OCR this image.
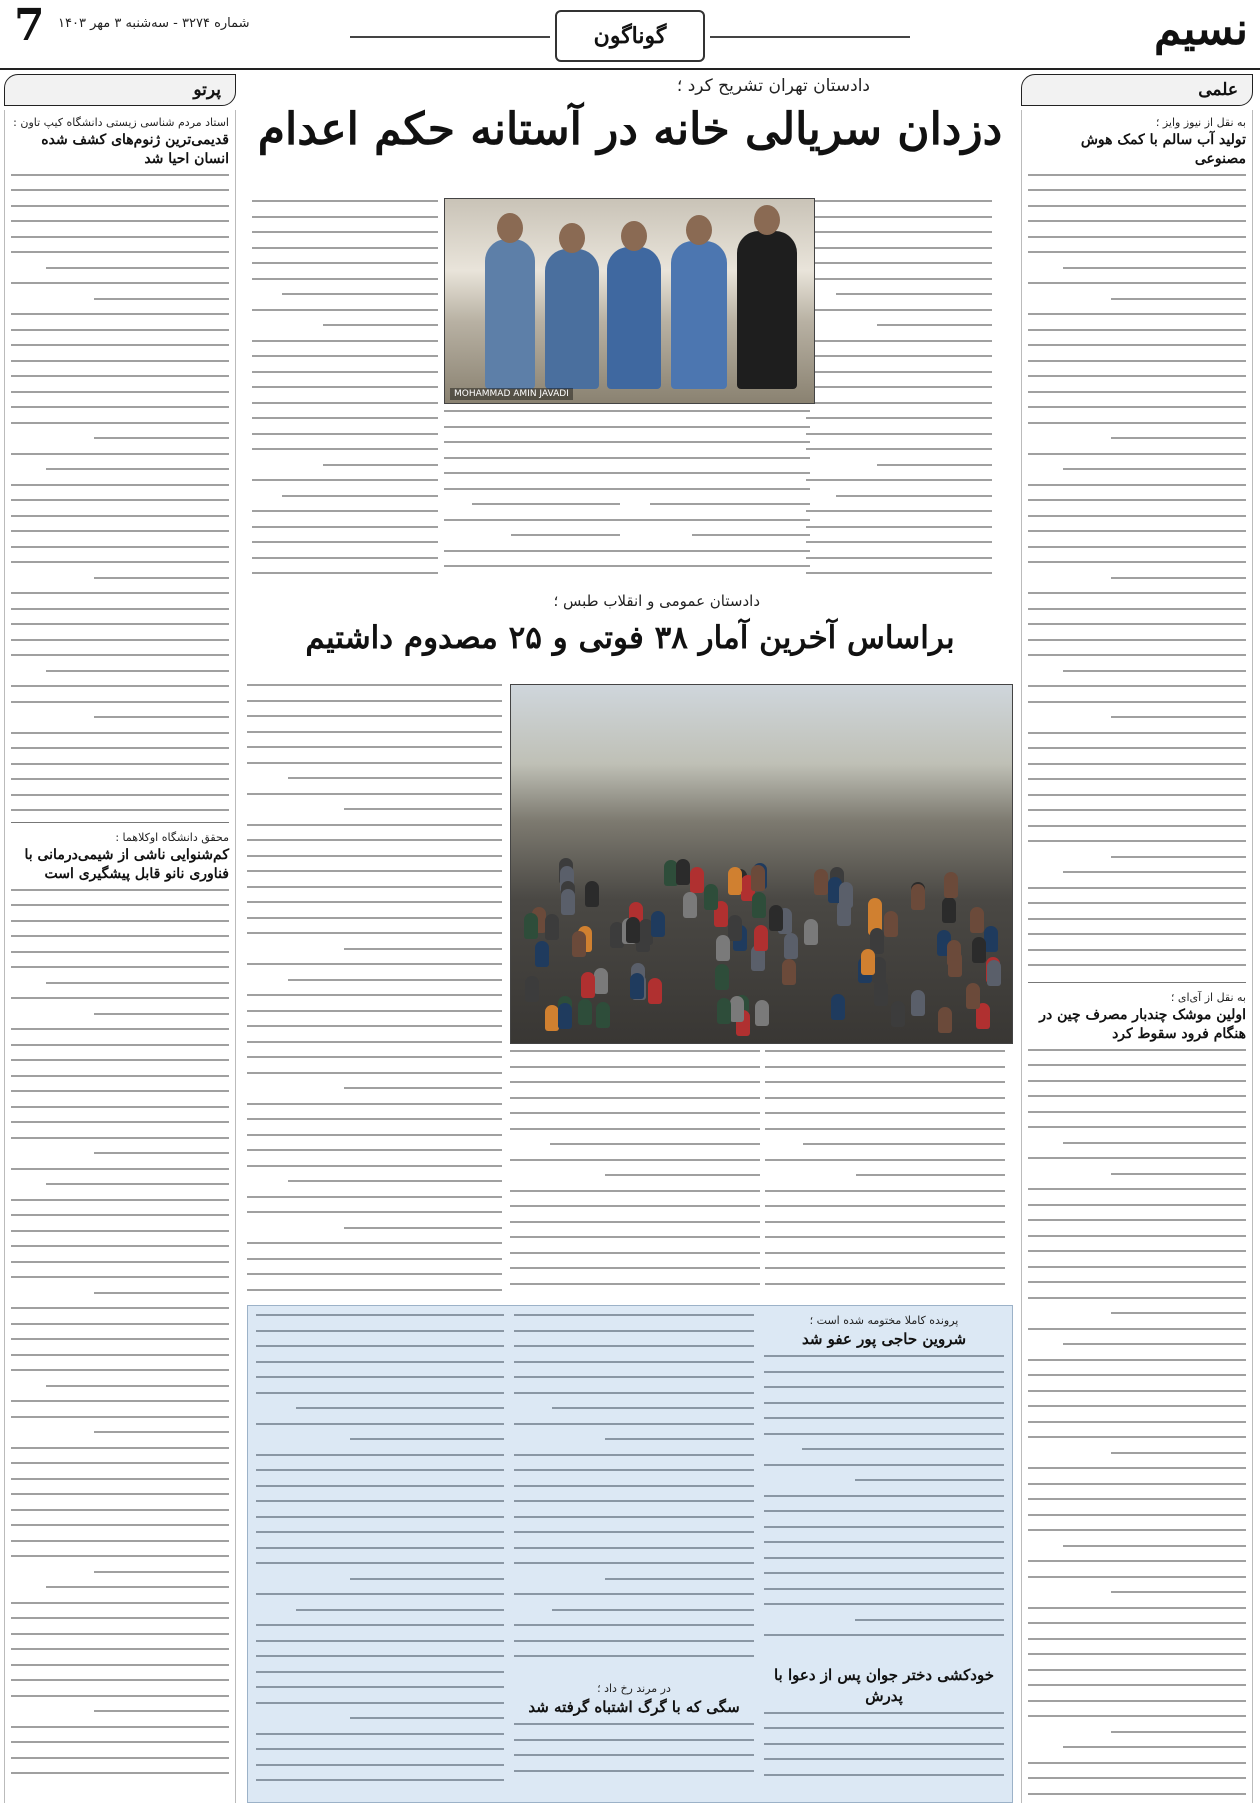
نسیم
7 شماره ۳۲۷۴ - سه‌شنبه ۳ مهر ۱۴۰۳	گوناگون
علمی
به نقل از نیوز وایز ؛
تولید آب سالم با کمک هوش مصنوعی
به نقل از آی‌ای ؛
اولین موشک چندبار مصرف چین در هنگام فرود سقوط کرد
پرتو
استاد مردم شناسی زیستی دانشگاه کیپ تاون :
قدیمی‌ترین ژنوم‌های کشف شده انسان احیا شد
محقق دانشگاه اوکلاهما :
کم‌شنوایی ناشی از شیمی‌درمانی با فناوری نانو قابل پیشگیری است
دادستان تهران تشریح کرد ؛
دزدان سریالی خانه در آستانه حکم اعدام
MOHAMMAD AMIN JAVADI
دادستان عمومی و انقلاب طبس ؛
براساس آخرین آمار ۳۸ فوتی و ۲۵ مصدوم داشتیم
پرونده کاملا مختومه شده است ؛
شروین حاجی پور عفو شد
خودکشی دختر جوان پس از دعوا با پدرش
در مرند رخ داد ؛
سگی که با گرگ اشتباه گرفته شد
